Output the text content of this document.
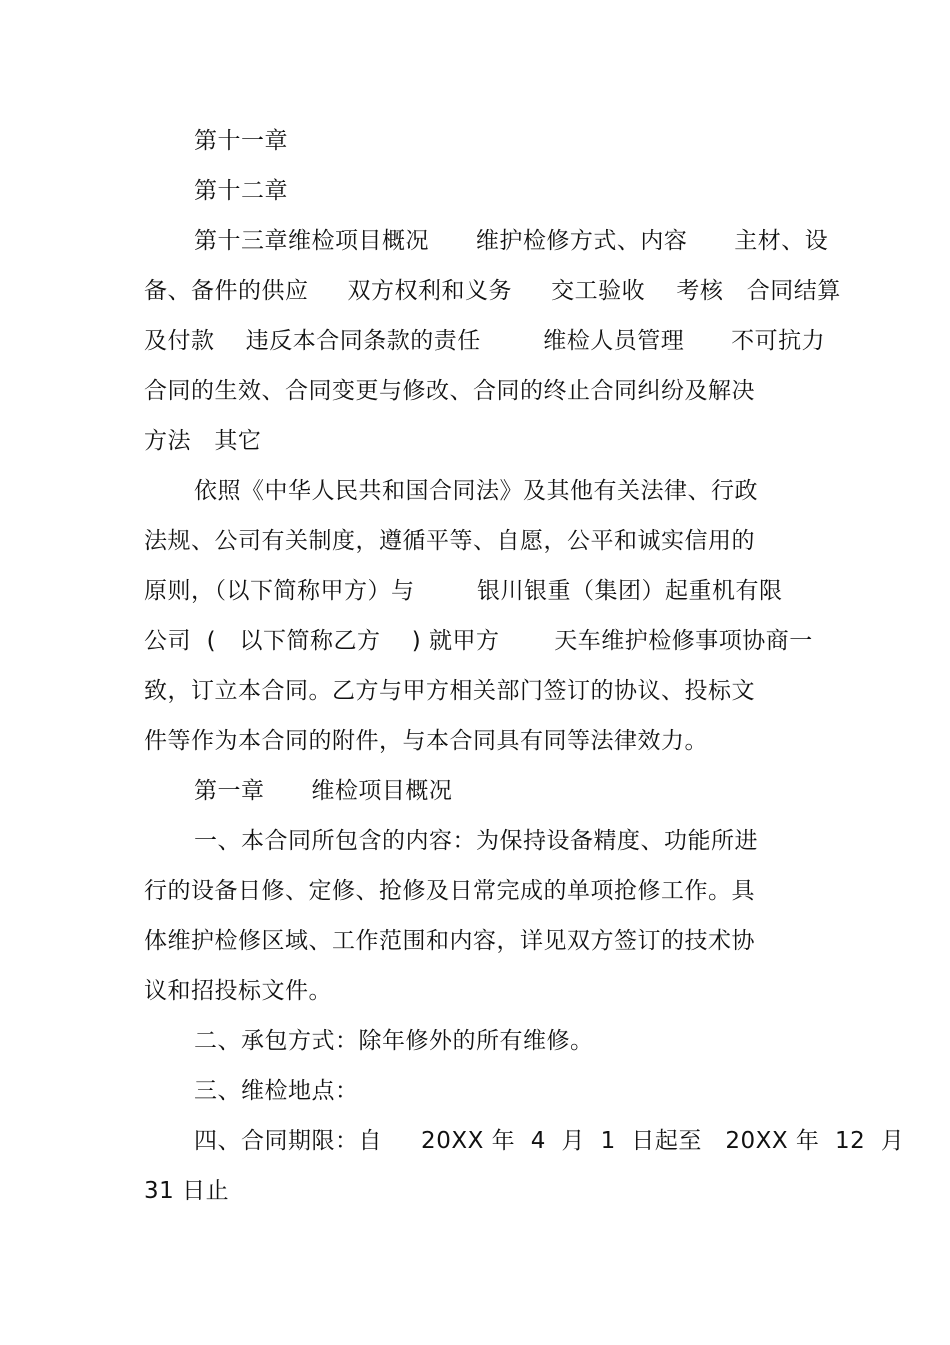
第十一章
第十二章
第十三章维检项目概况      维护检修方式、内容      主材、设
备、备件的供应     双方权利和义务     交工验收    考核   合同结算
及付款    违反本合同条款的责任        维检人员管理      不可抗力
合同的生效、合同变更与修改、合同的终止合同纠纷及解决
方法   其它
依照《中华人民共和国合同法》及其他有关法律、行政
法规、公司有关制度，遵循平等、自愿，公平和诚实信用的
原则，（以下简称甲方）与        银川银重（集团）起重机有限
公司  (   以下简称乙方    ) 就甲方       天车维护检修事项协商一
致，订立本合同。乙方与甲方相关部门签订的协议、投标文
件等作为本合同的附件，与本合同具有同等法律效力。
第一章      维检项目概况
一、本合同所包含的内容：为保持设备精度、功能所进
行的设备日修、定修、抢修及日常完成的单项抢修工作。具
体维护检修区域、工作范围和内容，详见双方签订的技术协
议和招投标文件。
二、承包方式：除年修外的所有维修。
三、维检地点：
四、合同期限：自     20XX 年  4  月  1  日起至   20XX 年  12  月
31 日止
